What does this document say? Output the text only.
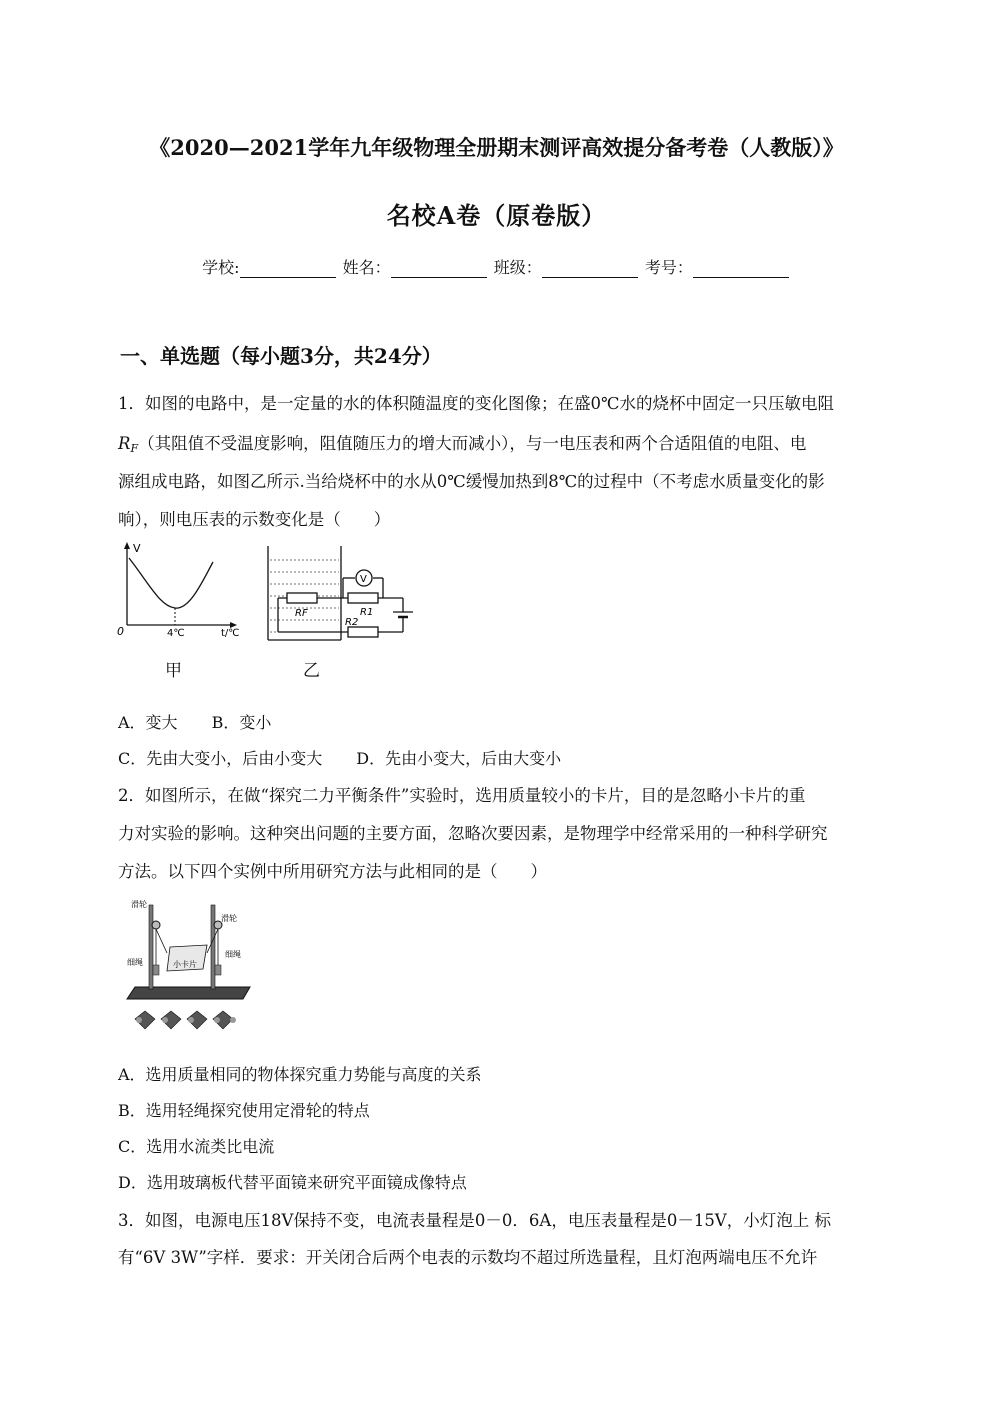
《2020—2021学年九年级物理全册期末测评高效提分备考卷（人教版）》
名校A卷（原卷版）
学校:	姓名：	班级：	考号：
一、单选题（每小题3分，共24分）
1．如图的电路中，是一定量的水的体积随温度的变化图像；在盛0℃水的烧杯中固定一只压敏电阻
$R_F$（其阻值不受温度影响，阻值随压力的增大而减小），与一电压表和两个合适阻值的电阻、电
源组成电路，如图乙所示.当给烧杯中的水从0℃缓慢加热到8℃的过程中（不考虑水质量变化的影
响），则电压表的示数变化是（　　）
V
0	4℃	t/℃
甲
RF	R1
V
R2
乙
A．变大 B．变小
C．先由大变小，后由小变大 D．先由小变大，后由大变小
2．如图所示，在做“探究二力平衡条件”实验时，选用质量较小的卡片，目的是忽略小卡片的重
力对实验的影响。这种突出问题的主要方面，忽略次要因素，是物理学中经常采用的一种科学研究
方法。以下四个实例中所用研究方法与此相同的是（　　）
小卡片
滑轮
滑轮
细绳
细绳
A．选用质量相同的物体探究重力势能与高度的关系
B．选用轻绳探究使用定滑轮的特点
C．选用水流类比电流
D．选用玻璃板代替平面镜来研究平面镜成像特点
3．如图，电源电压18V保持不变，电流表量程是0－0．6A，电压表量程是0－15V，小灯泡上 标
有“6V 3W”字样．要求：开关闭合后两个电表的示数均不超过所选量程，且灯泡两端电压不允许
